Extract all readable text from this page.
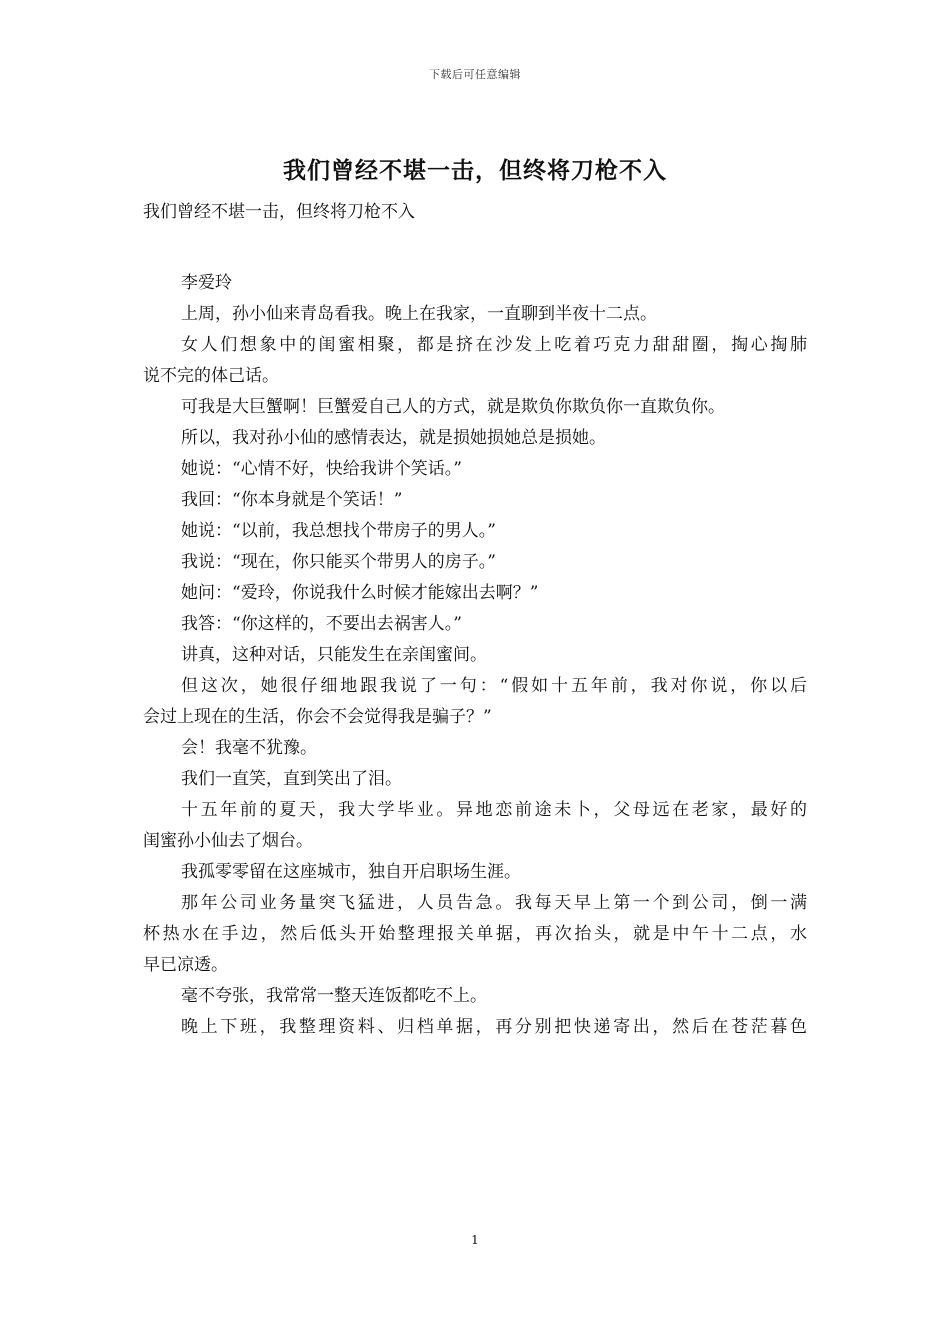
下载后可任意编辑
我们曾经不堪一击，但终将刀枪不入

我们曾经不堪一击，但终将刀枪不入

李爱玲

上周，孙小仙来青岛看我。晚上在我家，一直聊到半夜十二点。

女人们想象中的闺蜜相聚，都是挤在沙发上吃着巧克力甜甜圈，掏心掏肺

说不完的体己话。

可我是大巨蟹啊！巨蟹爱自己人的方式，就是欺负你欺负你一直欺负你。

所以，我对孙小仙的感情表达，就是损她损她总是损她。

她说：“心情不好，快给我讲个笑话。”

我回：“你本身就是个笑话！”

她说：“以前，我总想找个带房子的男人。”

我说：“现在，你只能买个带男人的房子。”

她问：“爱玲，你说我什么时候才能嫁出去啊？”

我答：“你这样的，不要出去祸害人。”

讲真，这种对话，只能发生在亲闺蜜间。

但这次，她很仔细地跟我说了一句：“假如十五年前，我对你说，你以后

会过上现在的生活，你会不会觉得我是骗子？”

会！我毫不犹豫。

我们一直笑，直到笑出了泪。

十五年前的夏天，我大学毕业。异地恋前途未卜，父母远在老家，最好的

闺蜜孙小仙去了烟台。

我孤零零留在这座城市，独自开启职场生涯。

那年公司业务量突飞猛进，人员告急。我每天早上第一个到公司，倒一满

杯热水在手边，然后低头开始整理报关单据，再次抬头，就是中午十二点，水

早已凉透。

毫不夸张，我常常一整天连饭都吃不上。

晚上下班，我整理资料、归档单据，再分别把快递寄出，然后在苍茫暮色

1
